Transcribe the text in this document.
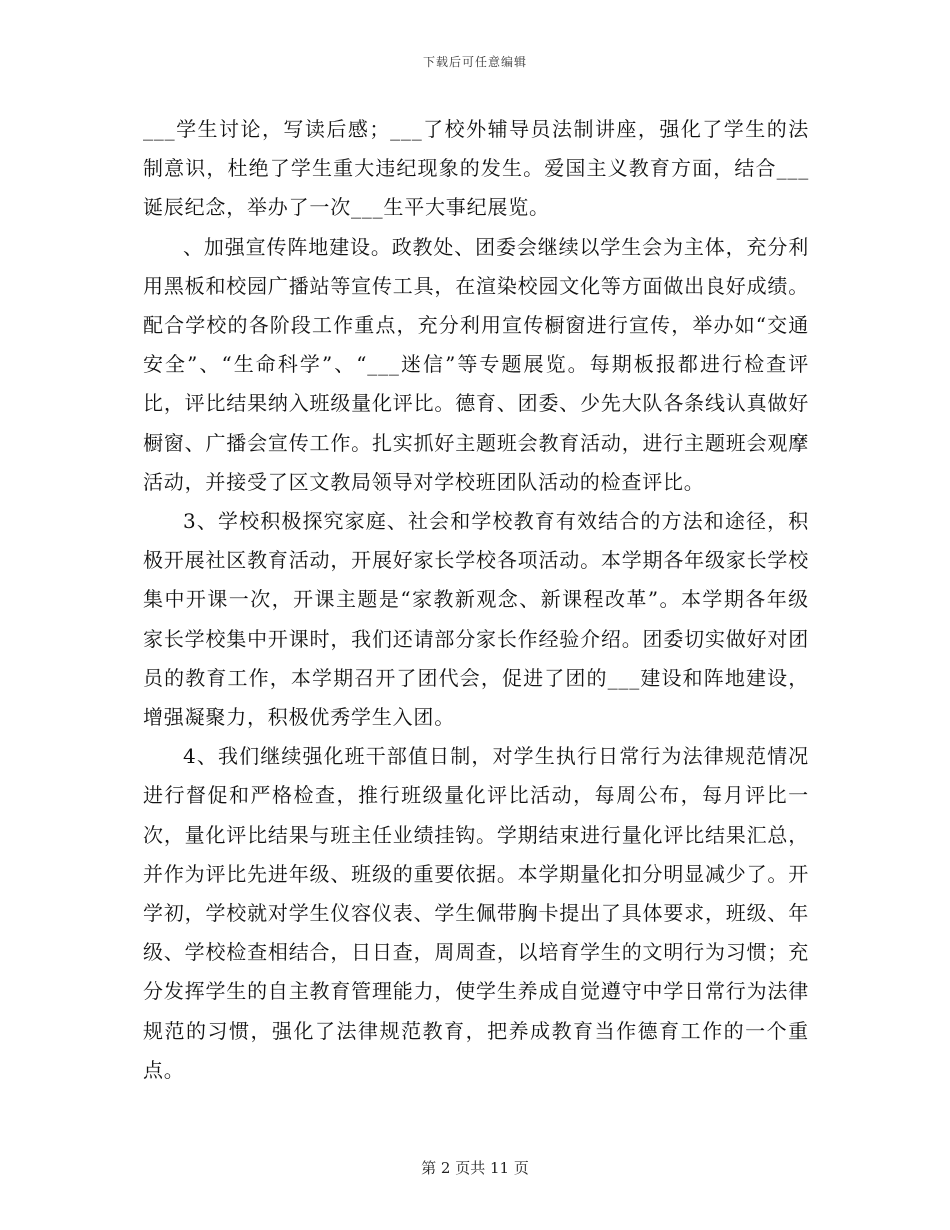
下载后可任意编辑

___学生讨论，写读后感；___了校外辅导员法制讲座，强化了学生的法制意识，杜绝了学生重大违纪现象的发生。爱国主义教育方面，结合___诞辰纪念，举办了一次___生平大事纪展览。

、加强宣传阵地建设。政教处、团委会继续以学生会为主体，充分利用黑板和校园广播站等宣传工具，在渲染校园文化等方面做出良好成绩。配合学校的各阶段工作重点，充分利用宣传橱窗进行宣传，举办如“交通安全”、“生命科学”、“___迷信”等专题展览。每期板报都进行检查评比，评比结果纳入班级量化评比。德育、团委、少先大队各条线认真做好橱窗、广播会宣传工作。扎实抓好主题班会教育活动，进行主题班会观摩活动，并接受了区文教局领导对学校班团队活动的检查评比。

3、学校积极探究家庭、社会和学校教育有效结合的方法和途径，积极开展社区教育活动，开展好家长学校各项活动。本学期各年级家长学校集中开课一次，开课主题是“家教新观念、新课程改革”。本学期各年级家长学校集中开课时，我们还请部分家长作经验介绍。团委切实做好对团员的教育工作，本学期召开了团代会，促进了团的___建设和阵地建设，增强凝聚力，积极优秀学生入团。

4、我们继续强化班干部值日制，对学生执行日常行为法律规范情况进行督促和严格检查，推行班级量化评比活动，每周公布，每月评比一次，量化评比结果与班主任业绩挂钩。学期结束进行量化评比结果汇总，并作为评比先进年级、班级的重要依据。本学期量化扣分明显减少了。开学初，学校就对学生仪容仪表、学生佩带胸卡提出了具体要求，班级、年级、学校检查相结合，日日查，周周查，以培育学生的文明行为习惯；充分发挥学生的自主教育管理能力，使学生养成自觉遵守中学日常行为法律规范的习惯，强化了法律规范教育，把养成教育当作德育工作的一个重点。

第 2 页共 11 页
